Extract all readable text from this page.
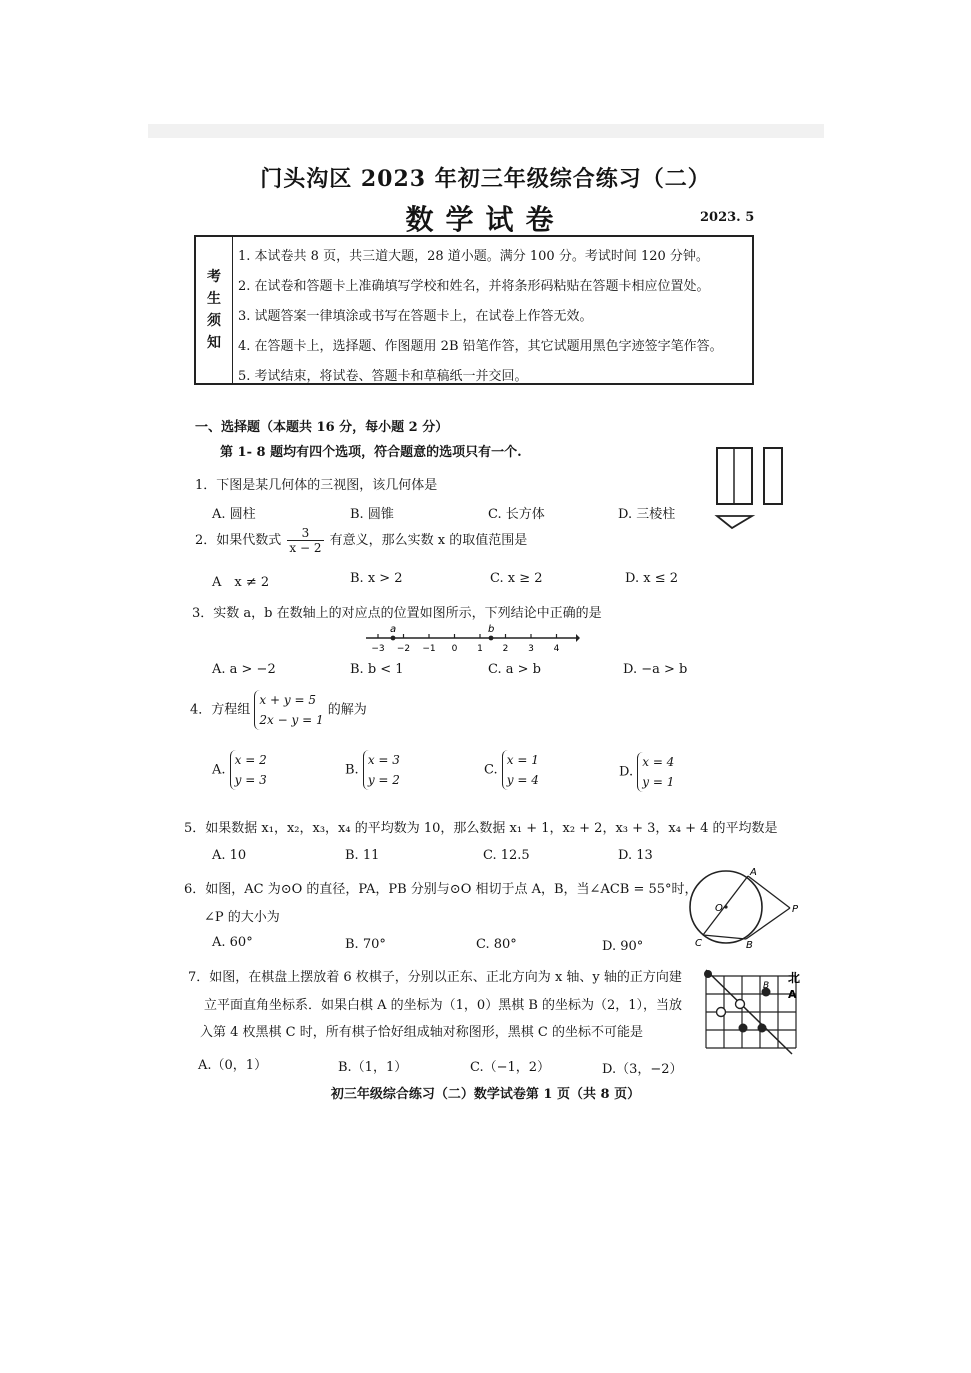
门头沟区 2023 年初三年级综合练习（二）
数学试卷	2023. 5
考
生
须
知
1. 本试卷共 8 页，共三道大题，28 道小题。满分 100 分。考试时间 120 分钟。
2. 在试卷和答题卡上准确填写学校和姓名，并将条形码粘贴在答题卡相应位置处。
3. 试题答案一律填涂或书写在答题卡上，在试卷上作答无效。
4. 在答题卡上，选择题、作图题用 2B 铅笔作答，其它试题用黑色字迹签字笔作答。
5. 考试结束，将试卷、答题卡和草稿纸一并交回。
一、选择题（本题共 16 分，每小题 2 分）
第 1- 8 题均有四个选项，符合题意的选项只有一个.
1．下图是某几何体的三视图，该几何体是
A. 圆柱	B. 圆锥	C. 长方体	D. 三棱柱
2．如果代数式 $\frac{3}{x - 2}$ 有意义，那么实数 x 的取值范围是
A　x ≠ 2	B. x > 2	C. x ≥ 2	D. x ≤ 2
3．实数 a，b 在数轴上的对应点的位置如图所示，下列结论中正确的是
−3 −2 −1 0 1 2 3 4
a	b
A. a > −2	B. b < 1	C. a > b	D. −a > b
4．方程组
x + y = 5
2x − y = 1
的解为
A.
x = 2
y = 3
B.
x = 3
y = 2
C.
x = 1
y = 4
D.
x = 4
y = 1
5．如果数据 x₁，x₂，x₃，x₄ 的平均数为 10，那么数据 x₁ + 1，x₂ + 2，x₃ + 3，x₄ + 4 的平均数是
A. 10	B. 11	C. 12.5	D. 13
6．如图，AC 为⊙O 的直径，PA，PB 分别与⊙O 相切于点 A，B，当∠ACB = 55°时，
∠P 的大小为
A
B
C
O	P
A. 60°	B. 70°	C. 80°	D. 90°
7．如图，在棋盘上摆放着 6 枚棋子，分别以正东、正北方向为 x 轴、y 轴的正方向建
立平面直角坐标系．如果白棋 A 的坐标为（1，0）黑棋 B 的坐标为（2，1），当放
入第 4 枚黑棋 C 时，所有棋子恰好组成轴对称图形，黑棋 C 的坐标不可能是
北
A
B
A.（0，1）	B.（1，1）	C.（−1，2）	D.（3，−2）
初三年级综合练习（二）数学试卷第 1 页（共 8 页）
